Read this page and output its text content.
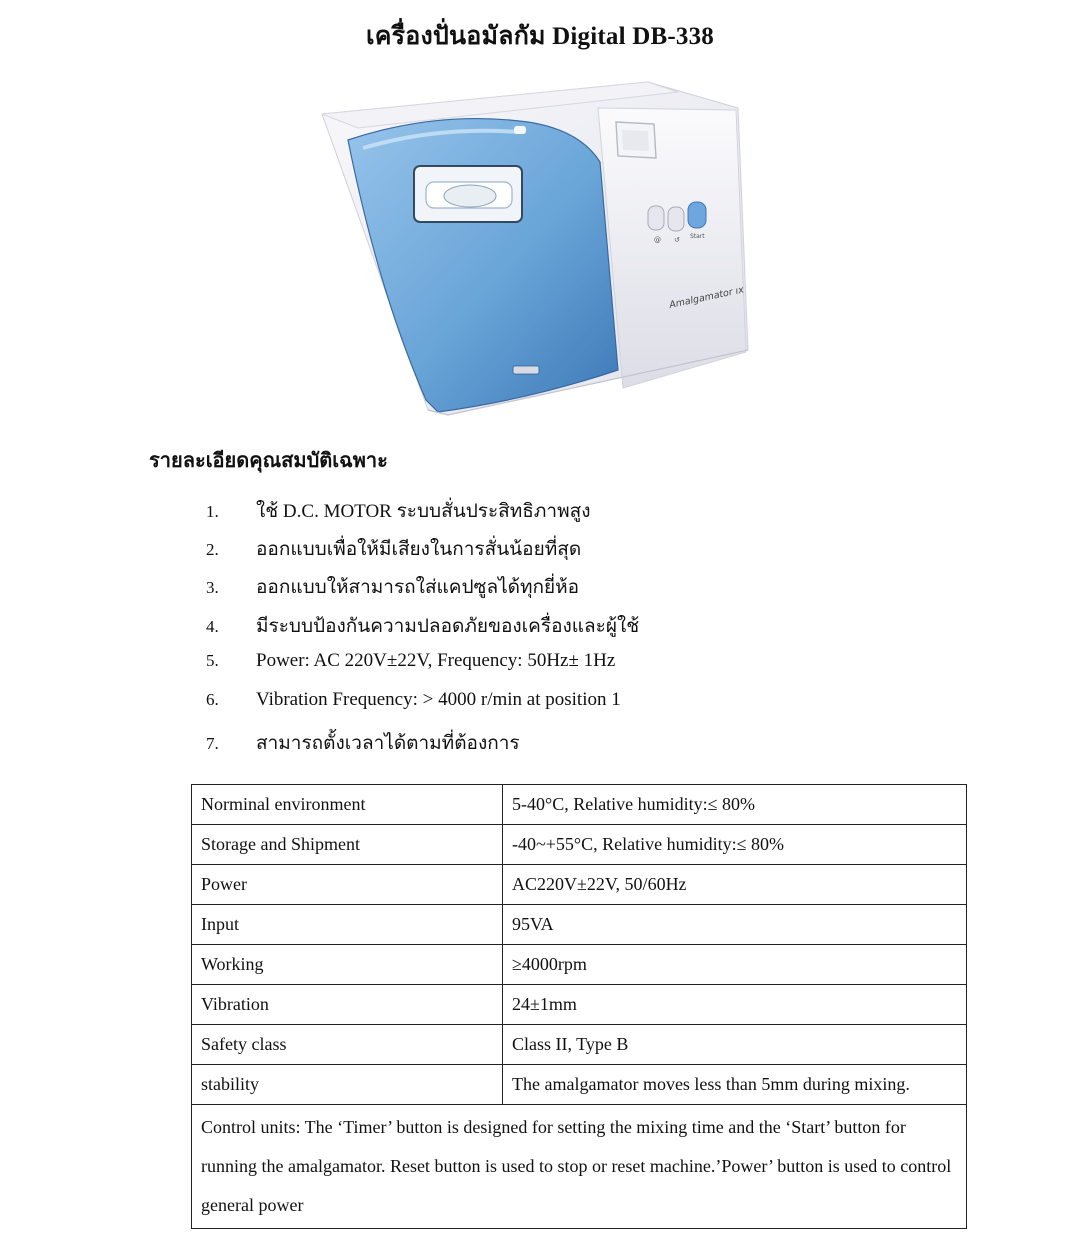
เครื่องปั่นอมัลกัม Digital DB-338
@ ↺ Start
Amalgamator ıx
รายละเอียดคุณสมบัติเฉพาะ
1. ใช้ D.C. MOTOR ระบบสั่นประสิทธิภาพสูง
2. ออกแบบเพื่อให้มีเสียงในการสั่นน้อยที่สุด
3. ออกแบบให้สามารถใส่แคปซูลได้ทุกยี่ห้อ
4. มีระบบป้องกันความปลอดภัยของเครื่องและผู้ใช้
5. Power: AC 220V±22V, Frequency: 50Hz± 1Hz
6. Vibration Frequency: > 4000 r/min at position 1
7. สามารถตั้งเวลาได้ตามที่ต้องการ
Norminal environment	5-40°C, Relative humidity:≤ 80%
Storage and Shipment	-40~+55°C, Relative humidity:≤ 80%
Power	AC220V±22V, 50/60Hz
Input	95VA
Working	≥4000rpm
Vibration	24±1mm
Safety class	Class II, Type B
stability	The amalgamator moves less than 5mm during mixing.
Control units: The ‘Timer’ button is designed for setting the mixing time and the ‘Start’ button for running the amalgamator. Reset button is used to stop or reset machine.’Power’ button is used to control general power	
